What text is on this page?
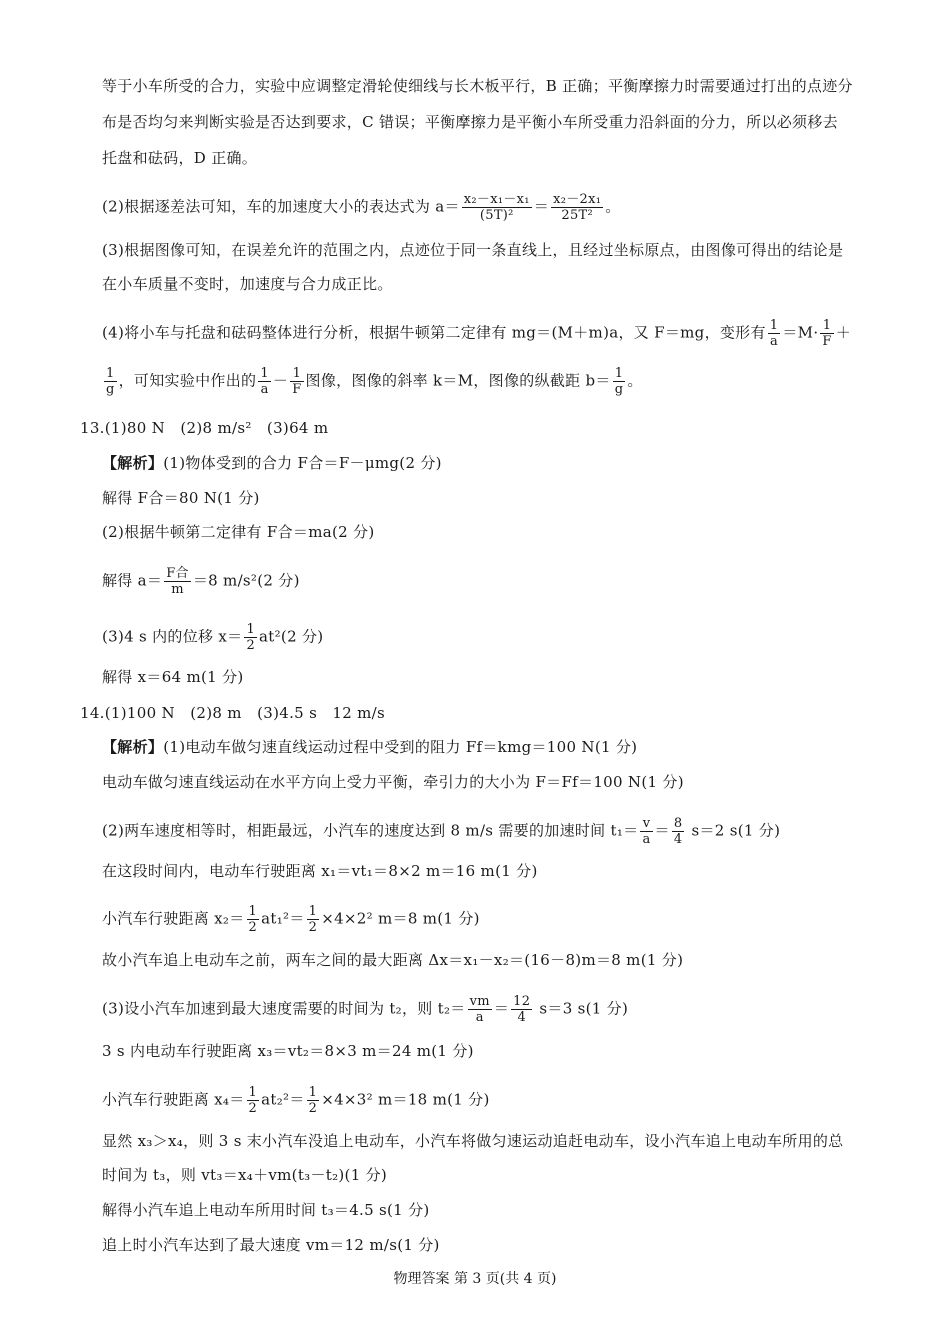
等于小车所受的合力，实验中应调整定滑轮使细线与长木板平行，B 正确；平衡摩擦力时需要通过打出的点迹分
布是否均匀来判断实验是否达到要求，C 错误；平衡摩擦力是平衡小车所受重力沿斜面的分力，所以必须移去
托盘和砝码，D 正确。
(2)根据逐差法可知，车的加速度大小的表达式为 $a= \frac{\text{x₂－x₁－x₁}}{\text{(5T)²}} = \frac{\text{x₂－2x₁}}{\text{25T²}}$ 。
(3)根据图像可知，在误差允许的范围之内，点迹位于同一条直线上，且经过坐标原点，由图像可得出的结论是
在小车质量不变时，加速度与合力成正比。
(4)将小车与托盘和砝码整体进行分析，根据牛顿第二定律有 mg＝(M＋m)a，又 F＝mg，变形有 $\frac{1}{a} =M\cdot \frac{1}{F}$ ＋
$\frac{1}{g}$ ，可知实验中作出的 $\frac{1}{a} - \frac{1}{F}$ 图像，图像的斜率 k＝M，图像的纵截距 $b= \frac{1}{g}$ 。
13.(1)80 N　(2)8 m/s²　(3)64 m
【解析】(1)物体受到的合力 F合＝F－μmg(2 分)
解得 F合＝80 N(1 分)
(2)根据牛顿第二定律有 F合＝ma(2 分)
解得 $a= \frac{\text{F合}}{m} =8$ m/s²(2 分)
(3)4 s 内的位移 $x= \frac{1}{2} at^2(2$ 分)
解得 x＝64 m(1 分)
14.(1)100 N　(2)8 m　(3)4.5 s　12 m/s
【解析】(1)电动车做匀速直线运动过程中受到的阻力 Ff＝kmg＝100 N(1 分)
电动车做匀速直线运动在水平方向上受力平衡，牵引力的大小为 F＝Ff＝100 N(1 分)
(2)两车速度相等时，相距最远，小汽车的速度达到 8 m/s 需要的加速时间 $t_1= \frac{v}{a} = \frac{8}{4} s=2$ s(1 分)
在这段时间内，电动车行驶距离 x₁＝vt₁＝8×2 m＝16 m(1 分)
小汽车行驶距离 $x_2= \frac{1}{2} at_1^2= \frac{1}{2} \times 4\times 2^2$ m＝8 m(1 分)
故小汽车追上电动车之前，两车之间的最大距离 Δx＝x₁－x₂＝(16－8)m＝8 m(1 分)
(3)设小汽车加速到最大速度需要的时间为 t₂，则 $t_2= \frac{vm}{a} = \frac{12}{4} s=3$ s(1 分)
3 s 内电动车行驶距离 x₃＝vt₂＝8×3 m＝24 m(1 分)
小汽车行驶距离 $x_4= \frac{1}{2} at_2^2= \frac{1}{2} \times 4\times 3^2$ m＝18 m(1 分)
显然 x₃＞x₄，则 3 s 末小汽车没追上电动车，小汽车将做匀速运动追赶电动车，设小汽车追上电动车所用的总
时间为 t₃，则 vt₃＝x₄＋vm(t₃－t₂)(1 分)
解得小汽车追上电动车所用时间 t₃＝4.5 s(1 分)
追上时小汽车达到了最大速度 vm＝12 m/s(1 分)
物理答案 第 3 页(共 4 页)
